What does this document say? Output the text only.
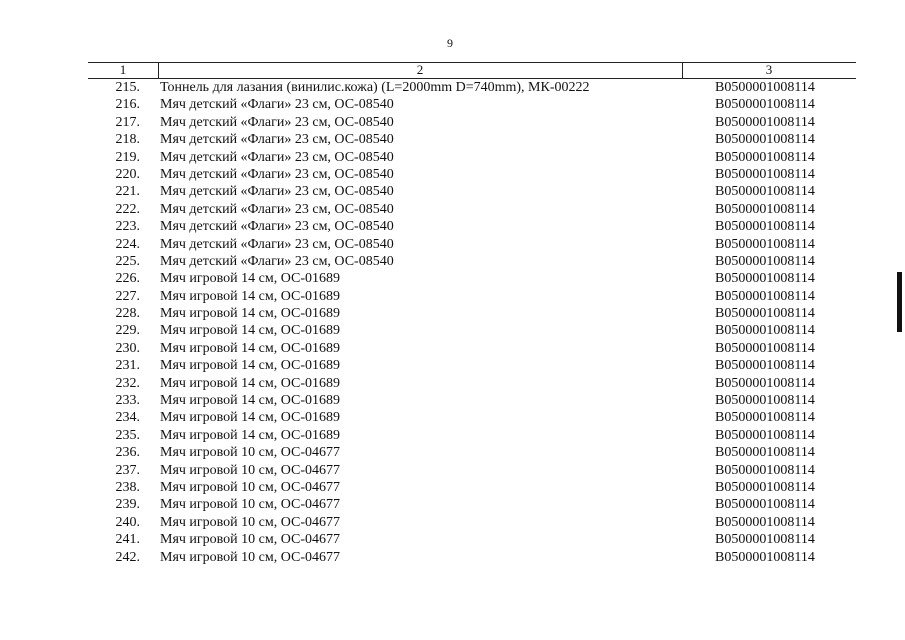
9
1	2	3
215. Тоннель для лазания (винилис.кожа) (L=2000mm D=740mm), МК-00222	B0500001008114
216. Мяч детский «Флаги» 23 см, ОС-08540	B0500001008114
217. Мяч детский «Флаги» 23 см, ОС-08540	B0500001008114
218. Мяч детский «Флаги» 23 см, ОС-08540	B0500001008114
219. Мяч детский «Флаги» 23 см, ОС-08540	B0500001008114
220. Мяч детский «Флаги» 23 см, ОС-08540	B0500001008114
221. Мяч детский «Флаги» 23 см, ОС-08540	B0500001008114
222. Мяч детский «Флаги» 23 см, ОС-08540	B0500001008114
223. Мяч детский «Флаги» 23 см, ОС-08540	B0500001008114
224. Мяч детский «Флаги» 23 см, ОС-08540	B0500001008114
225. Мяч детский «Флаги» 23 см, ОС-08540	B0500001008114
226. Мяч игровой 14 см, ОС-01689	B0500001008114
227. Мяч игровой 14 см, ОС-01689	B0500001008114
228. Мяч игровой 14 см, ОС-01689	B0500001008114
229. Мяч игровой 14 см, ОС-01689	B0500001008114
230. Мяч игровой 14 см, ОС-01689	B0500001008114
231. Мяч игровой 14 см, ОС-01689	B0500001008114
232. Мяч игровой 14 см, ОС-01689	B0500001008114
233. Мяч игровой 14 см, ОС-01689	B0500001008114
234. Мяч игровой 14 см, ОС-01689	B0500001008114
235. Мяч игровой 14 см, ОС-01689	B0500001008114
236. Мяч игровой 10 см, ОС-04677	B0500001008114
237. Мяч игровой 10 см, ОС-04677	B0500001008114
238. Мяч игровой 10 см, ОС-04677	B0500001008114
239. Мяч игровой 10 см, ОС-04677	B0500001008114
240. Мяч игровой 10 см, ОС-04677	B0500001008114
241. Мяч игровой 10 см, ОС-04677	B0500001008114
242. Мяч игровой 10 см, ОС-04677	B0500001008114
